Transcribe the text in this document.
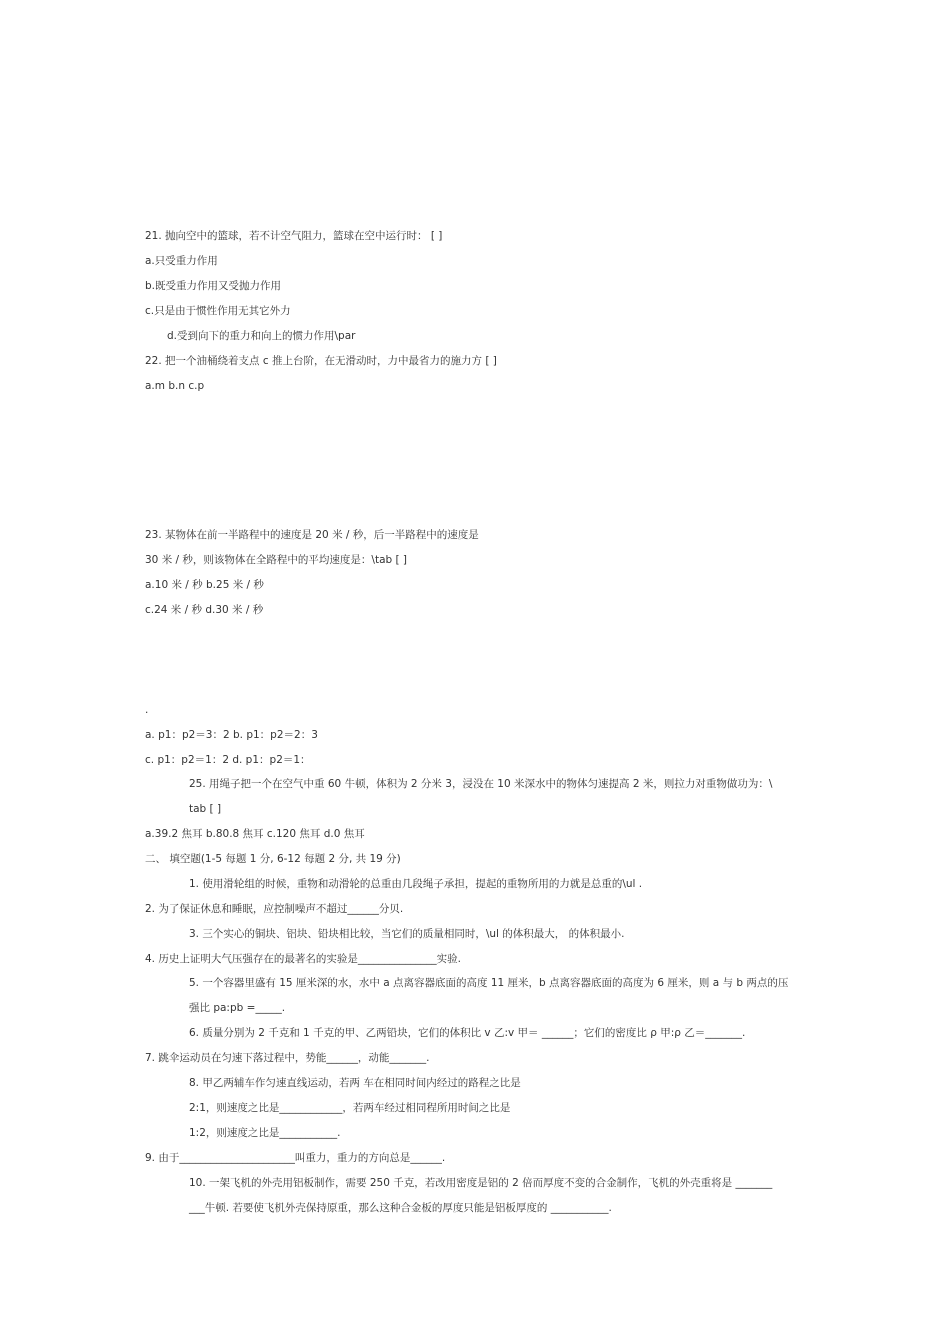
21. 抛向空中的篮球，若不计空气阻力，篮球在空中运行时： [ ]
a.只受重力作用
b.既受重力作用又受抛力作用
c.只是由于惯性作用无其它外力
d.受到向下的重力和向上的惯力作用\par
22. 把一个油桶绕着支点 c 推上台阶，在无滑动时，力中最省力的施力方 [ ]
a.m b.n c.p
23. 某物体在前一半路程中的速度是 20 米 / 秒，后一半路程中的速度是
30 米 / 秒，则该物体在全路程中的平均速度是：\tab [ ]
a.10 米 / 秒 b.25 米 / 秒
c.24 米 / 秒 d.30 米 / 秒
.
a. p1：p2＝3：2 b. p1：p2＝2：3
c. p1：p2＝1：2 d. p1：p2＝1：
25. 用绳子把一个在空气中重 60 牛顿，体积为 2 分米 3，浸没在 10 米深水中的物体匀速提高 2 米，则拉力对重物做功为：\
tab [ ]
a.39.2 焦耳 b.80.8 焦耳 c.120 焦耳 d.0 焦耳
二、 填空题(1-5 每题 1 分, 6-12 每题 2 分, 共 19 分)
1. 使用滑轮组的时候，重物和动滑轮的总重由几段绳子承担，提起的重物所用的力就是总重的\ul .
2. 为了保证休息和睡眠，应控制噪声不超过______分贝.
3. 三个实心的铜块、铝块、铅块相比较，当它们的质量相同时，\ul 的体积最大， 的体积最小.
4. 历史上证明大气压强存在的最著名的实验是_______________实验.
5. 一个容器里盛有 15 厘米深的水，水中 a 点离容器底面的高度 11 厘米，b 点离容器底面的高度为 6 厘米，则 a 与 b 两点的压
强比 pa:pb =_____.
6. 质量分别为 2 千克和 1 千克的甲、乙两铅块，它们的体积比 v 乙:v 甲＝ ______；它们的密度比 ρ 甲:ρ 乙＝_______.
7. 跳伞运动员在匀速下落过程中，势能______，动能_______.
8. 甲乙两辅车作匀速直线运动，若两 车在相同时间内经过的路程之比是
2:1，则速度之比是____________，若两车经过相同程所用时间之比是
1:2，则速度之比是___________.
9. 由于______________________叫重力，重力的方向总是______.
10. 一架飞机的外壳用铝板制作，需要 250 千克，若改用密度是铝的 2 倍而厚度不变的合金制作，飞机的外壳重将是 _______
___牛顿. 若要使飞机外壳保持原重，那么这种合金板的厚度只能是铝板厚度的 ___________.
